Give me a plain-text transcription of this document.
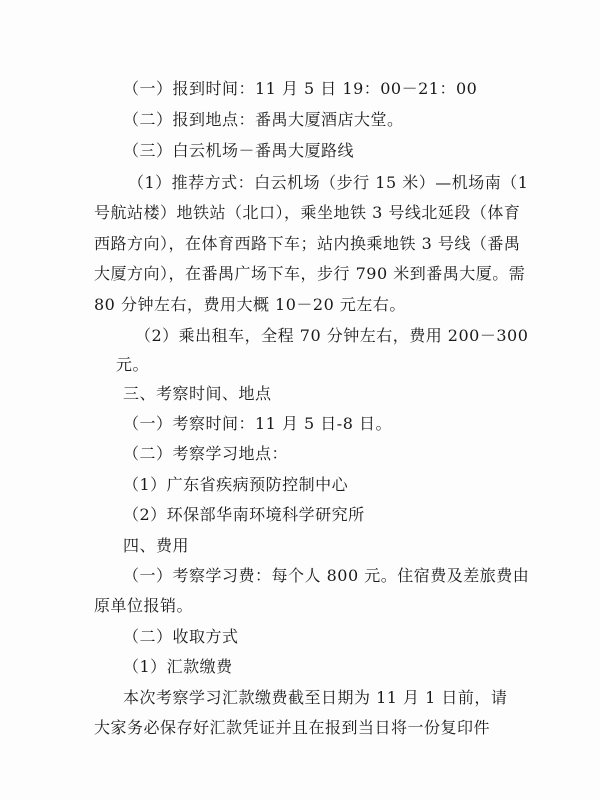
（一）报到时间：11 月 5 日 19：00－21：00
（二）报到地点：番禺大厦酒店大堂。
（三）白云机场－番禺大厦路线
（1）推荐方式：白云机场（步行 15 米）—机场南（1
号航站楼）地铁站（北口），乘坐地铁 3 号线北延段（体育
西路方向），在体育西路下车；站内换乘地铁 3 号线（番禺
大厦方向），在番禺广场下车，步行 790 米到番禺大厦。需
80 分钟左右，费用大概 10－20 元左右。
（2）乘出租车，全程 70 分钟左右，费用 200－300
元。
三、考察时间、地点
（一）考察时间：11 月 5 日-8 日。
（二）考察学习地点：
（1）广东省疾病预防控制中心
（2）环保部华南环境科学研究所
四、费用
（一）考察学习费：每个人 800 元。住宿费及差旅费由
原单位报销。
（二）收取方式
（1）汇款缴费
本次考察学习汇款缴费截至日期为 11 月 1 日前，请
大家务必保存好汇款凭证并且在报到当日将一份复印件
